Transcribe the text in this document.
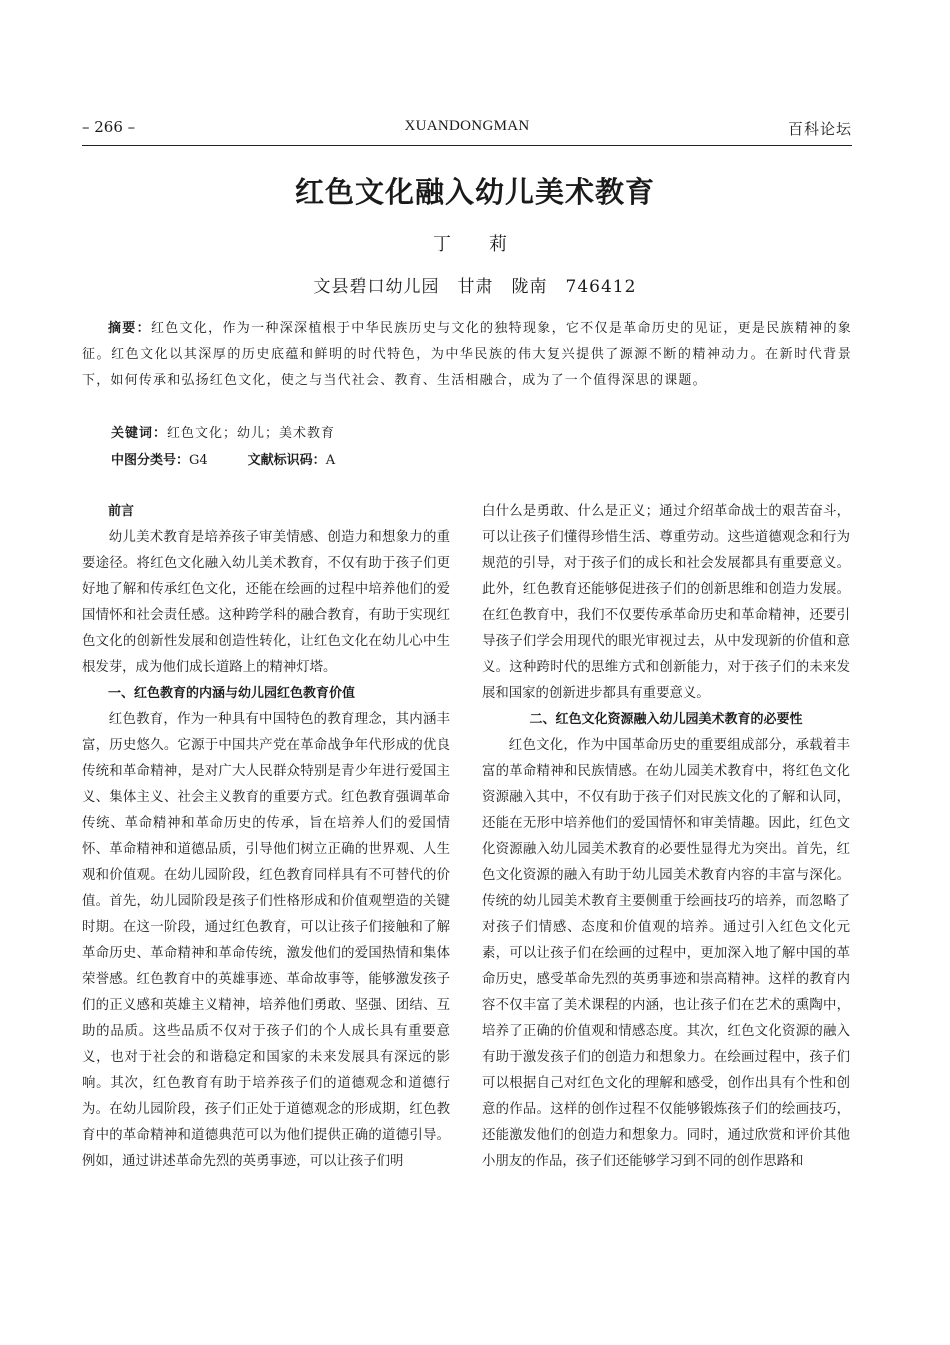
– 266 –	XUANDONGMAN	百科论坛
红色文化融入幼儿美术教育
丁　莉
文县碧口幼儿园　甘肃　陇南　746412

摘要：红色文化，作为一种深深植根于中华民族历史与文化的独特现象，它不仅是革命历史的见证，更是民族精神的象征。红色文化以其深厚的历史底蕴和鲜明的时代特色，为中华民族的伟大复兴提供了源源不断的精神动力。在新时代背景下，如何传承和弘扬红色文化，使之与当代社会、教育、生活相融合，成为了一个值得深思的课题。

关键词：红色文化；幼儿；美术教育
中图分类号：G4	文献标识码：A
前言

幼儿美术教育是培养孩子审美情感、创造力和想象力的重要途径。将红色文化融入幼儿美术教育，不仅有助于孩子们更好地了解和传承红色文化，还能在绘画的过程中培养他们的爱国情怀和社会责任感。这种跨学科的融合教育，有助于实现红色文化的创新性发展和创造性转化，让红色文化在幼儿心中生根发芽，成为他们成长道路上的精神灯塔。

一、红色教育的内涵与幼儿园红色教育价值

红色教育，作为一种具有中国特色的教育理念，其内涵丰富，历史悠久。它源于中国共产党在革命战争年代形成的优良传统和革命精神，是对广大人民群众特别是青少年进行爱国主义、集体主义、社会主义教育的重要方式。红色教育强调革命传统、革命精神和革命历史的传承，旨在培养人们的爱国情怀、革命精神和道德品质，引导他们树立正确的世界观、人生观和价值观。在幼儿园阶段，红色教育同样具有不可替代的价值。首先，幼儿园阶段是孩子们性格形成和价值观塑造的关键时期。在这一阶段，通过红色教育，可以让孩子们接触和了解革命历史、革命精神和革命传统，激发他们的爱国热情和集体荣誉感。红色教育中的英雄事迹、革命故事等，能够激发孩子们的正义感和英雄主义精神，培养他们勇敢、坚强、团结、互助的品质。这些品质不仅对于孩子们的个人成长具有重要意义，也对于社会的和谐稳定和国家的未来发展具有深远的影响。其次，红色教育有助于培养孩子们的道德观念和道德行为。在幼儿园阶段，孩子们正处于道德观念的形成期，红色教育中的革命精神和道德典范可以为他们提供正确的道德引导。例如，通过讲述革命先烈的英勇事迹，可以让孩子们明

白什么是勇敢、什么是正义；通过介绍革命战士的艰苦奋斗，可以让孩子们懂得珍惜生活、尊重劳动。这些道德观念和行为规范的引导，对于孩子们的成长和社会发展都具有重要意义。此外，红色教育还能够促进孩子们的创新思维和创造力发展。在红色教育中，我们不仅要传承革命历史和革命精神，还要引导孩子们学会用现代的眼光审视过去，从中发现新的价值和意义。这种跨时代的思维方式和创新能力，对于孩子们的未来发展和国家的创新进步都具有重要意义。

二、红色文化资源融入幼儿园美术教育的必要性

红色文化，作为中国革命历史的重要组成部分，承载着丰富的革命精神和民族情感。在幼儿园美术教育中，将红色文化资源融入其中，不仅有助于孩子们对民族文化的了解和认同，还能在无形中培养他们的爱国情怀和审美情趣。因此，红色文化资源融入幼儿园美术教育的必要性显得尤为突出。首先，红色文化资源的融入有助于幼儿园美术教育内容的丰富与深化。传统的幼儿园美术教育主要侧重于绘画技巧的培养，而忽略了对孩子们情感、态度和价值观的培养。通过引入红色文化元素，可以让孩子们在绘画的过程中，更加深入地了解中国的革命历史，感受革命先烈的英勇事迹和崇高精神。这样的教育内容不仅丰富了美术课程的内涵，也让孩子们在艺术的熏陶中，培养了正确的价值观和情感态度。其次，红色文化资源的融入有助于激发孩子们的创造力和想象力。在绘画过程中，孩子们可以根据自己对红色文化的理解和感受，创作出具有个性和创意的作品。这样的创作过程不仅能够锻炼孩子们的绘画技巧，还能激发他们的创造力和想象力。同时，通过欣赏和评价其他小朋友的作品，孩子们还能够学习到不同的创作思路和
